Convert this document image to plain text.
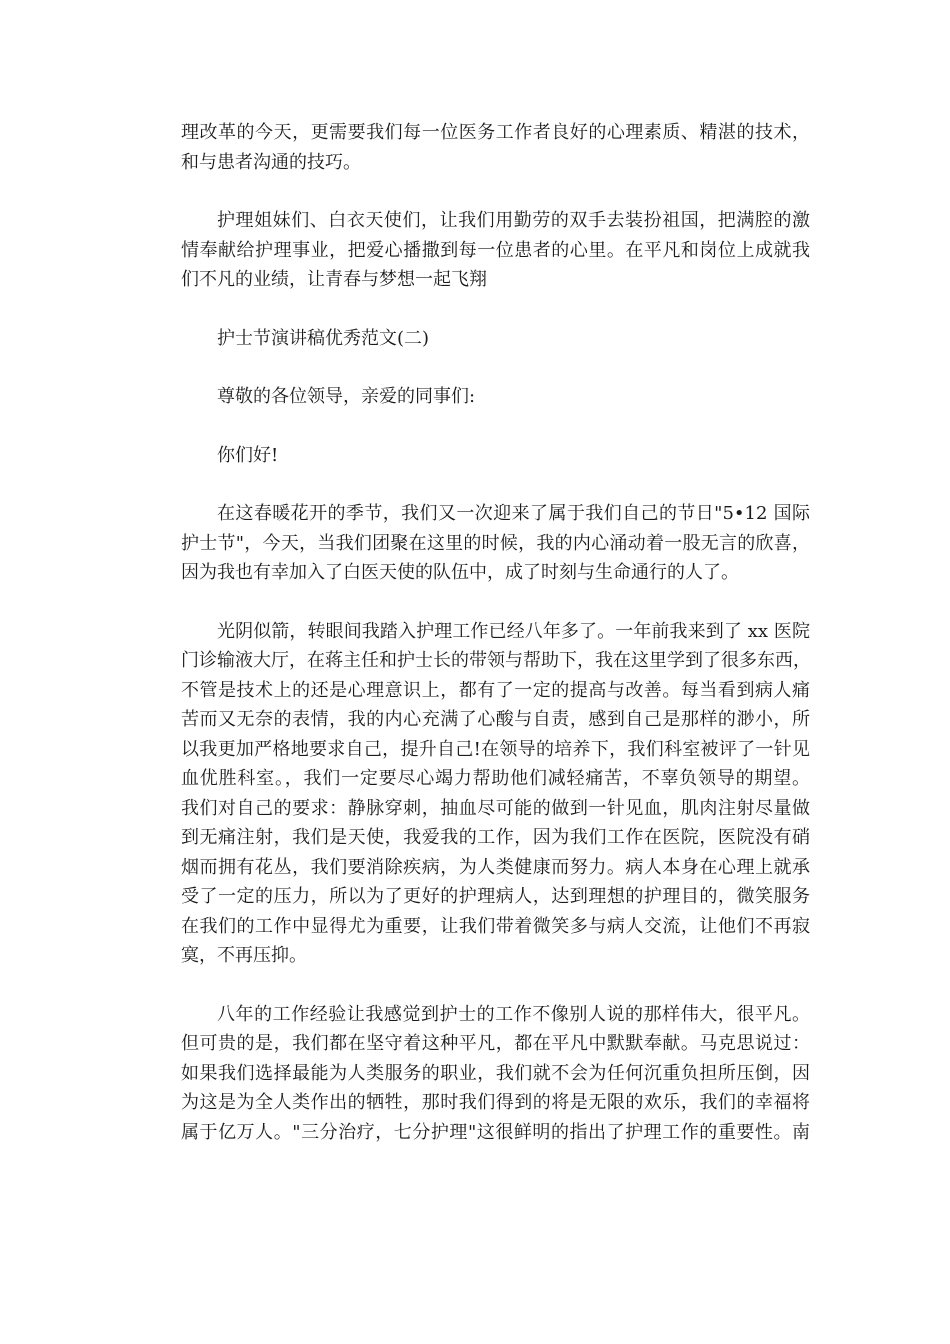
理改革的今天，更需要我们每一位医务工作者良好的心理素质、精湛的技术，
和与患者沟通的技巧。
护理姐妹们、白衣天使们，让我们用勤劳的双手去装扮祖国，把满腔的激
情奉献给护理事业，把爱心播撒到每一位患者的心里。在平凡和岗位上成就我
们不凡的业绩，让青春与梦想一起飞翔
护士节演讲稿优秀范文(二)
尊敬的各位领导，亲爱的同事们:
你们好!
在这春暖花开的季节，我们又一次迎来了属于我们自己的节日"5•12 国际
护士节"，今天，当我们团聚在这里的时候，我的内心涌动着一股无言的欣喜，
因为我也有幸加入了白医天使的队伍中，成了时刻与生命通行的人了。
光阴似箭，转眼间我踏入护理工作已经八年多了。一年前我来到了 xx 医院
门诊输液大厅，在蒋主任和护士长的带领与帮助下，我在这里学到了很多东西，
不管是技术上的还是心理意识上，都有了一定的提高与改善。每当看到病人痛
苦而又无奈的表情，我的内心充满了心酸与自责，感到自己是那样的渺小，所
以我更加严格地要求自己，提升自己!在领导的培养下，我们科室被评了一针见
血优胜科室。，我们一定要尽心竭力帮助他们减轻痛苦，不辜负领导的期望。
我们对自己的要求：静脉穿刺，抽血尽可能的做到一针见血，肌肉注射尽量做
到无痛注射，我们是天使，我爱我的工作，因为我们工作在医院，医院没有硝
烟而拥有花丛，我们要消除疾病，为人类健康而努力。病人本身在心理上就承
受了一定的压力，所以为了更好的护理病人，达到理想的护理目的，微笑服务
在我们的工作中显得尤为重要，让我们带着微笑多与病人交流，让他们不再寂
寞，不再压抑。
八年的工作经验让我感觉到护士的工作不像别人说的那样伟大，很平凡。
但可贵的是，我们都在坚守着这种平凡，都在平凡中默默奉献。马克思说过：
如果我们选择最能为人类服务的职业，我们就不会为任何沉重负担所压倒，因
为这是为全人类作出的牺牲，那时我们得到的将是无限的欢乐，我们的幸福将
属于亿万人。"三分治疗，七分护理"这很鲜明的指出了护理工作的重要性。南
